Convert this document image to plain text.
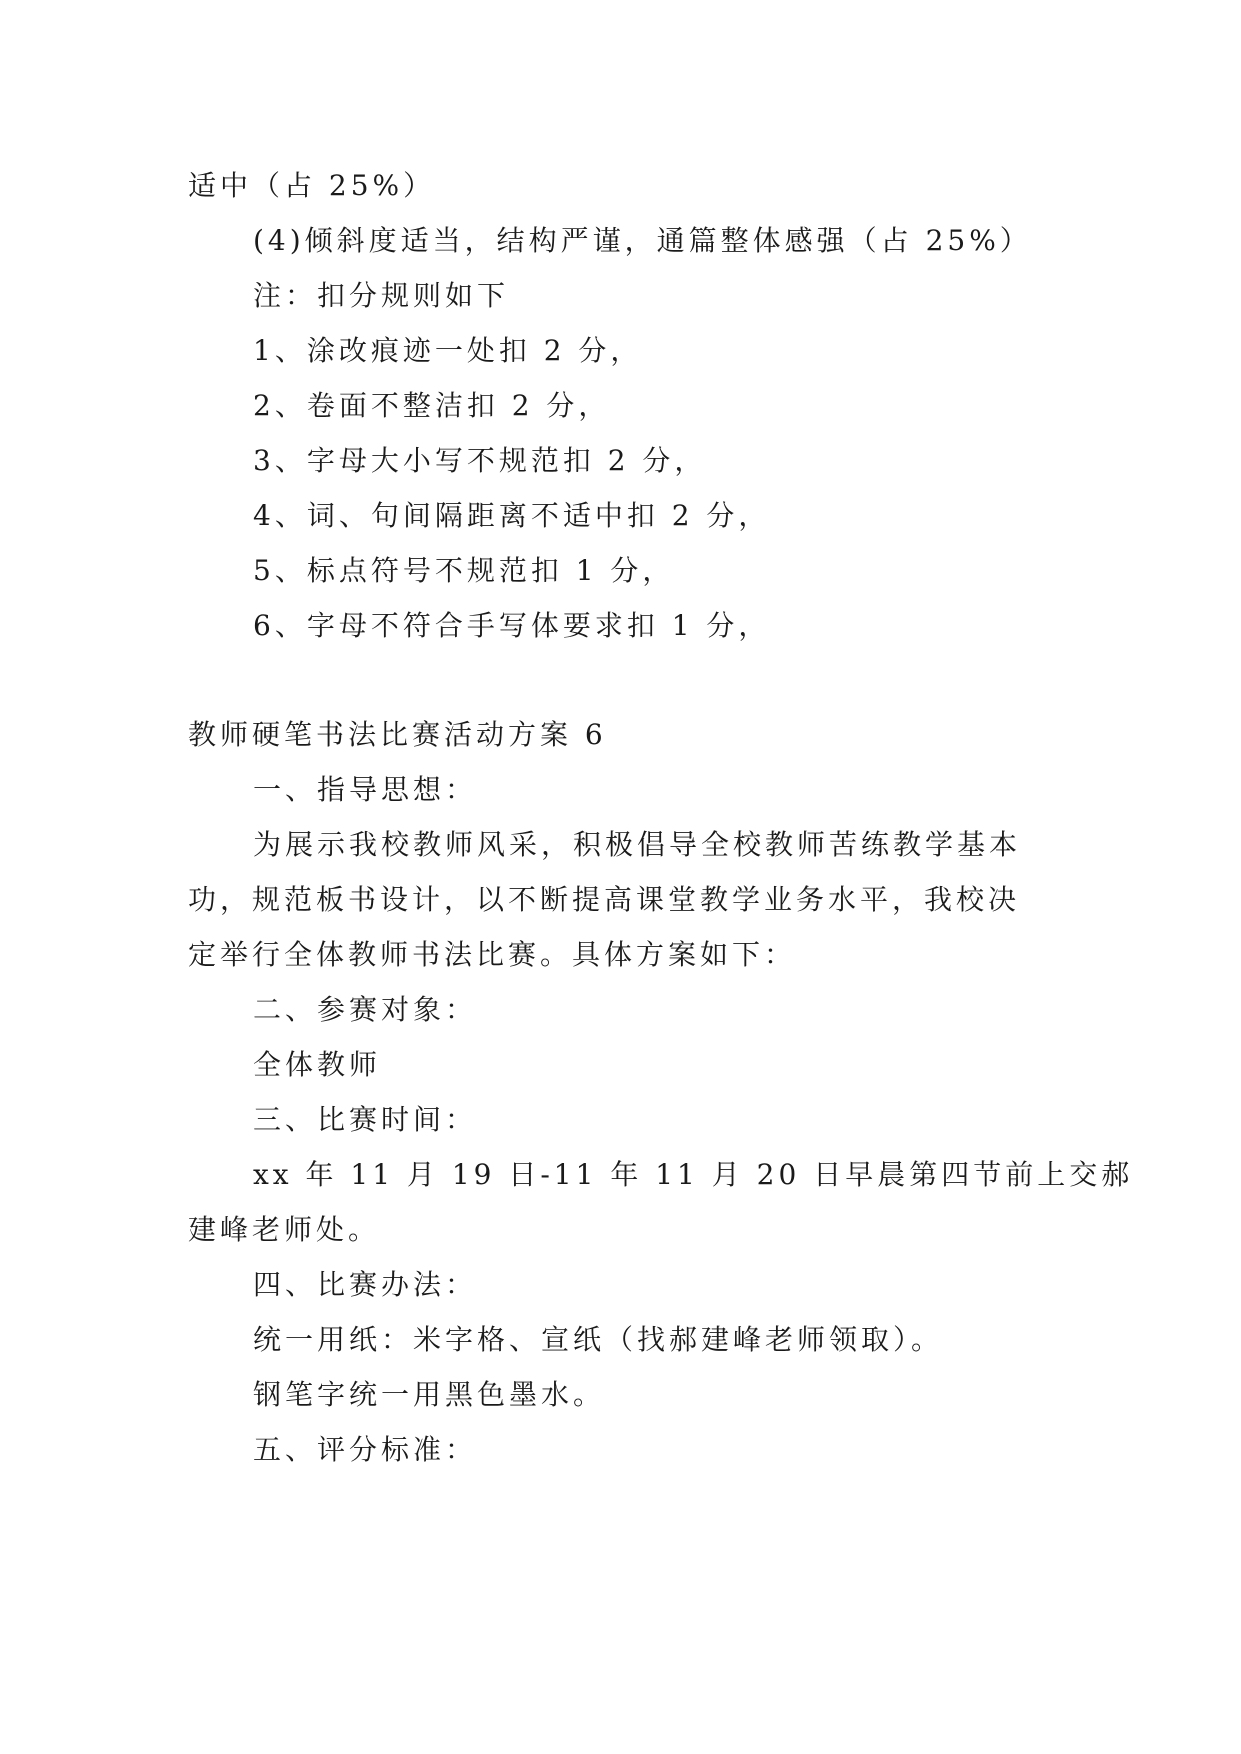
适中（占 25%）
(4)倾斜度适当，结构严谨，通篇整体感强（占 25%）
注：扣分规则如下
1、涂改痕迹一处扣 2 分，
2、卷面不整洁扣 2 分，
3、字母大小写不规范扣 2 分，
4、词、句间隔距离不适中扣 2 分，
5、标点符号不规范扣 1 分，
6、字母不符合手写体要求扣 1 分，
教师硬笔书法比赛活动方案 6
一、指导思想：
为展示我校教师风采，积极倡导全校教师苦练教学基本
功，规范板书设计，以不断提高课堂教学业务水平，我校决
定举行全体教师书法比赛。具体方案如下：
二、参赛对象：
全体教师
三、比赛时间：
xx 年 11 月 19 日-11 年 11 月 20 日早晨第四节前上交郝
建峰老师处。
四、比赛办法：
统一用纸：米字格、宣纸（找郝建峰老师领取）。
钢笔字统一用黑色墨水。
五、评分标准：
